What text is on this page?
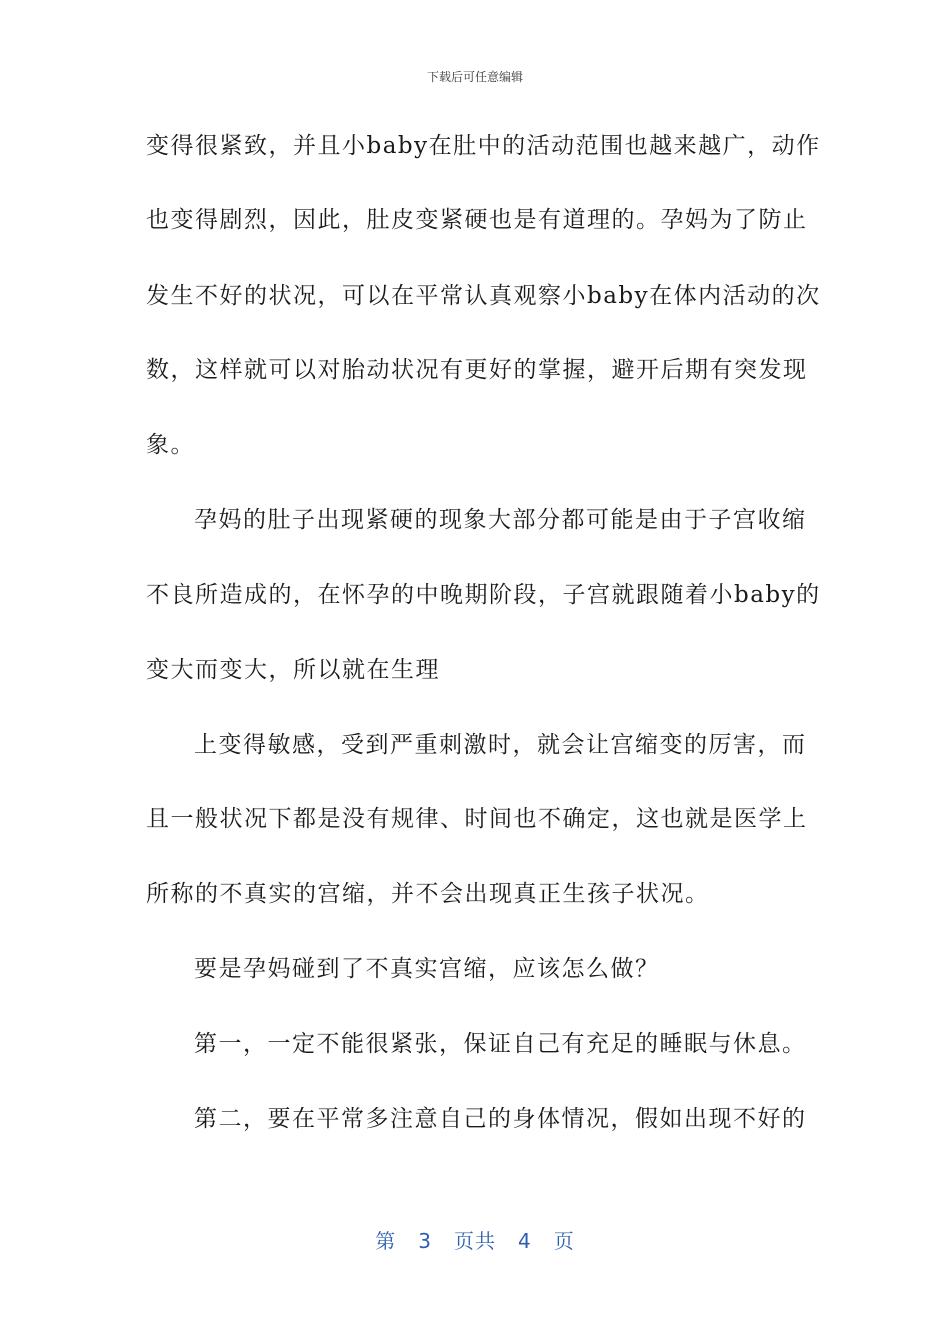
下载后可任意编辑
变得很紧致，并且小baby在肚中的活动范围也越来越广，动作
也变得剧烈，因此，肚皮变紧硬也是有道理的。孕妈为了防止
发生不好的状况，可以在平常认真观察小baby在体内活动的次
数，这样就可以对胎动状况有更好的掌握，避开后期有突发现
象。
孕妈的肚子出现紧硬的现象大部分都可能是由于子宫收缩
不良所造成的，在怀孕的中晚期阶段，子宫就跟随着小baby的
变大而变大，所以就在生理
上变得敏感，受到严重刺激时，就会让宫缩变的厉害，而
且一般状况下都是没有规律、时间也不确定，这也就是医学上
所称的不真实的宫缩，并不会出现真正生孩子状况。
要是孕妈碰到了不真实宫缩，应该怎么做？
第一，一定不能很紧张，保证自己有充足的睡眠与休息。
第二，要在平常多注意自己的身体情况，假如出现不好的
第 3 页共 4 页
